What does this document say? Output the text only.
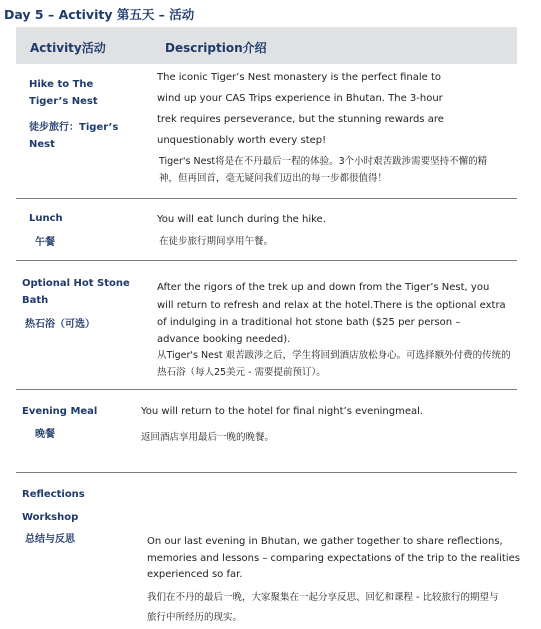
Day 5 – Activity 第五天 – 活动
Activity活动	Description介绍
Hike to The
Tiger’s Nest
徒步旅行：Tiger’s
Nest
The iconic Tiger’s Nest monastery is the perfect finale to
wind up your CAS Trips experience in Bhutan. The 3-hour
trek requires perseverance, but the stunning rewards are
unquestionably worth every step!
Tiger's Nest将是在不丹最后一程的体验。3个小时艰苦跋涉需要坚持不懈的精
神，但再回首，毫无疑问我们迈出的每一步都很值得！
Lunch
午餐
You will eat lunch during the hike.
在徒步旅行期间享用午餐。
Optional Hot Stone
Bath
热石浴（可选）
After the rigors of the trek up and down from the Tiger’s Nest, you
will return to refresh and relax at the hotel.There is the optional extra
of indulging in a traditional hot stone bath ($25 per person –
advance booking needed).
从Tiger's Nest 艰苦跋涉之后，学生将回到酒店放松身心。可选择额外付费的传统的
热石浴（每人25美元 - 需要提前预订）。
Evening Meal
晚餐
You will return to the hotel for final night’s eveningmeal.
返回酒店享用最后一晚的晚餐。
Reflections
Workshop
总结与反思	On our last evening in Bhutan, we gather together to share reflections,
memories and lessons – comparing expectations of the trip to the realities
experienced so far.
我们在不丹的最后一晚，大家聚集在一起分享反思、回忆和课程 - 比较旅行的期望与
旅行中所经历的现实。
